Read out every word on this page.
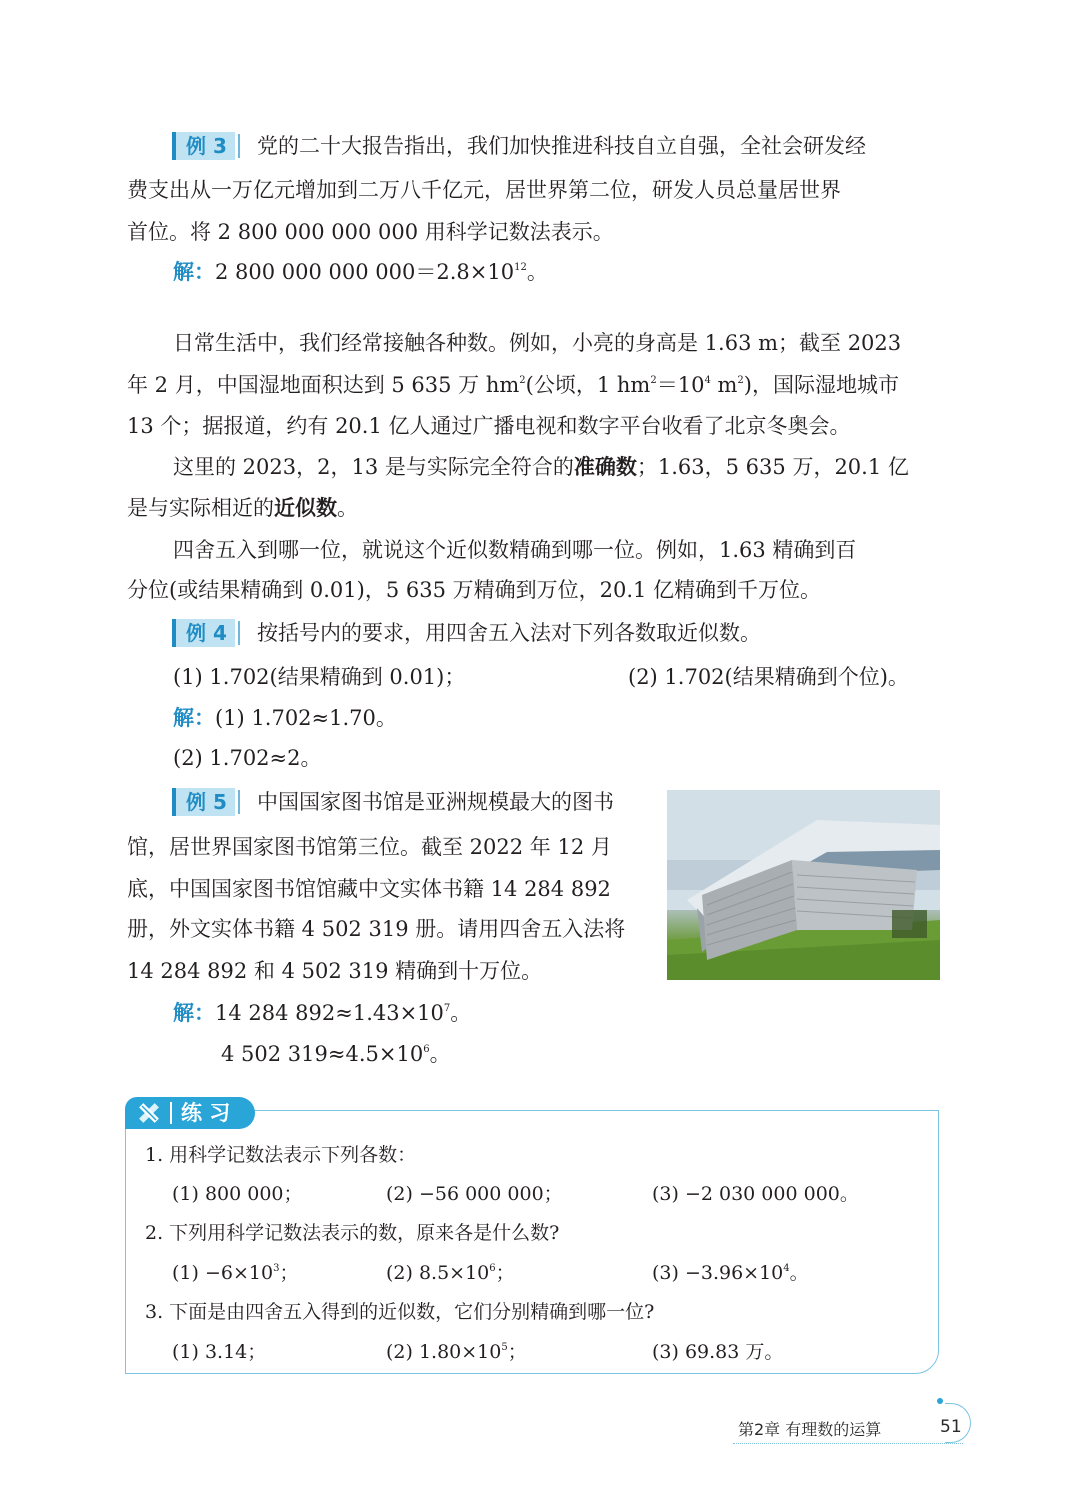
例 3	党的二十大报告指出，我们加快推进科技自立自强，全社会研发经
费支出从一万亿元增加到二万八千亿元，居世界第二位，研发人员总量居世界
首位。将 2 800 000 000 000 用科学记数法表示。
解：2 800 000 000 $000=2.8\times 10^{12}$。
日常生活中，我们经常接触各种数。例如，小亮的身高是 1.63 m；截至 2023
年 2 月，中国湿地面积达到 5 635 万 $hm^2$(公顷，1 $hm^2=10^4$ $m^2$)，国际湿地城市
13 个；据报道，约有 20.1 亿人通过广播电视和数字平台收看了北京冬奥会。
这里的 2023，2，13 是与实际完全符合的准确数；1.63，5 635 万，20.1 亿
是与实际相近的近似数。
四舍五入到哪一位，就说这个近似数精确到哪一位。例如，1.63 精确到百
分位(或结果精确到 0.01)，5 635 万精确到万位，20.1 亿精确到千万位。
例 4	按括号内的要求，用四舍五入法对下列各数取近似数。
(1) 1.702(结果精确到 0.01)；	(2) 1.702(结果精确到个位)。
解：(1) 1.702≈1.70。
(2) 1.702≈2。
例 5	中国国家图书馆是亚洲规模最大的图书
馆，居世界国家图书馆第三位。截至 2022 年 12 月
底，中国国家图书馆馆藏中文实体书籍 14 284 892
册，外文实体书籍 4 502 319 册。请用四舍五入法将
14 284 892 和 4 502 319 精确到十万位。
解：14 284 $892\approx 1.43\times 10^7$。
4 502 $319\approx 4.5\times 10^6$。
练 习
1. 用科学记数法表示下列各数：
(1) 800 000；	(2) −56 000 000；	(3) −2 030 000 000。
2. 下列用科学记数法表示的数，原来各是什么数?
$(1) -6\times 10^3$；	(2) $8.5\times 10^6$；	$(3) -3.96\times 10^4$。
3. 下面是由四舍五入得到的近似数，它们分别精确到哪一位?
(1) 3.14；	(2) $1.80\times 10^5$；	(3) 69.83 万。
第2章 有理数的运算	51
